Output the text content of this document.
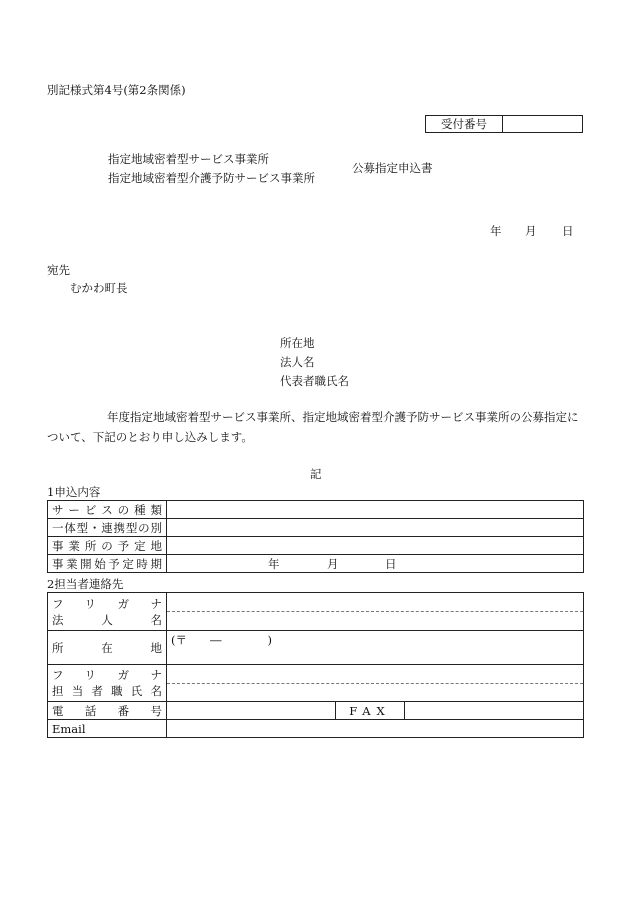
別記様式第4号(第2条関係)
受付番号	
指定地域密着型サービス事業所
指定地域密着型介護予防サービス事業所
公募指定申込書
年 月 日
宛先
むかわ町長
所在地
法人名
代表者職氏名
年度指定地域密着型サービス事業所、指定地域密着型介護予防サービス事業所の公募指定に
ついて、下記のとおり申し込みします。
記
1申込内容
サービスの種類	
一体型・連携型の別	
事業所の予定地	
事業開始予定時期	年 月 日
2担当者連絡先
フリガナ
法人名			

所在地	(〒　　―　　　　)		

フリガナ
担当者職氏名			

電話番号		FAX	

Email			
